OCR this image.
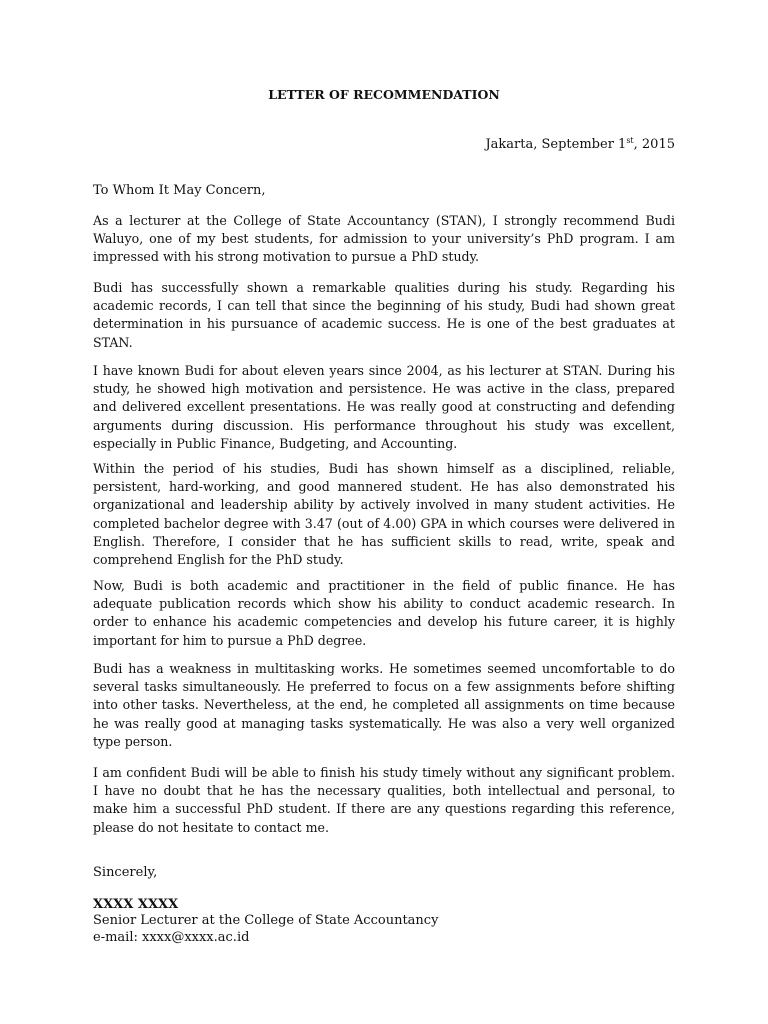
LETTER OF RECOMMENDATION
Jakarta, September 1st, 2015
To Whom It May Concern,

As a lecturer at the College of State Accountancy (STAN), I strongly recommend Budi Waluyo, one of my best students, for admission to your university’s PhD program. I am impressed with his strong motivation to pursue a PhD study.

Budi has successfully shown a remarkable qualities during his study. Regarding his academic records, I can tell that since the beginning of his study, Budi had shown great determination in his pursuance of academic success. He is one of the best graduates at STAN.

I have known Budi for about eleven years since 2004, as his lecturer at STAN. During his study, he showed high motivation and persistence. He was active in the class, prepared and delivered excellent presentations. He was really good at constructing and defending arguments during discussion. His performance throughout his study was excellent, especially in Public Finance, Budgeting, and Accounting.

Within the period of his studies, Budi has shown himself as a disciplined, reliable, persistent, hard-working, and good mannered student. He has also demonstrated his organizational and leadership ability by actively involved in many student activities. He completed bachelor degree with 3.47 (out of 4.00) GPA in which courses were delivered in English. Therefore, I consider that he has sufficient skills to read, write, speak and comprehend English for the PhD study.

Now, Budi is both academic and practitioner in the field of public finance. He has adequate publication records which show his ability to conduct academic research. In order to enhance his academic competencies and develop his future career, it is highly important for him to pursue a PhD degree.

Budi has a weakness in multitasking works. He sometimes seemed uncomfortable to do several tasks simultaneously. He preferred to focus on a few assignments before shifting into other tasks. Nevertheless, at the end, he completed all assignments on time because he was really good at managing tasks systematically. He was also a very well organized type person.

I am confident Budi will be able to finish his study timely without any significant problem. I have no doubt that he has the necessary qualities, both intellectual and personal, to make him a successful PhD student. If there are any questions regarding this reference, please do not hesitate to contact me.

Sincerely,
XXXX XXXX
Senior Lecturer at the College of State Accountancy
e-mail: xxxx@xxxx.ac.id
